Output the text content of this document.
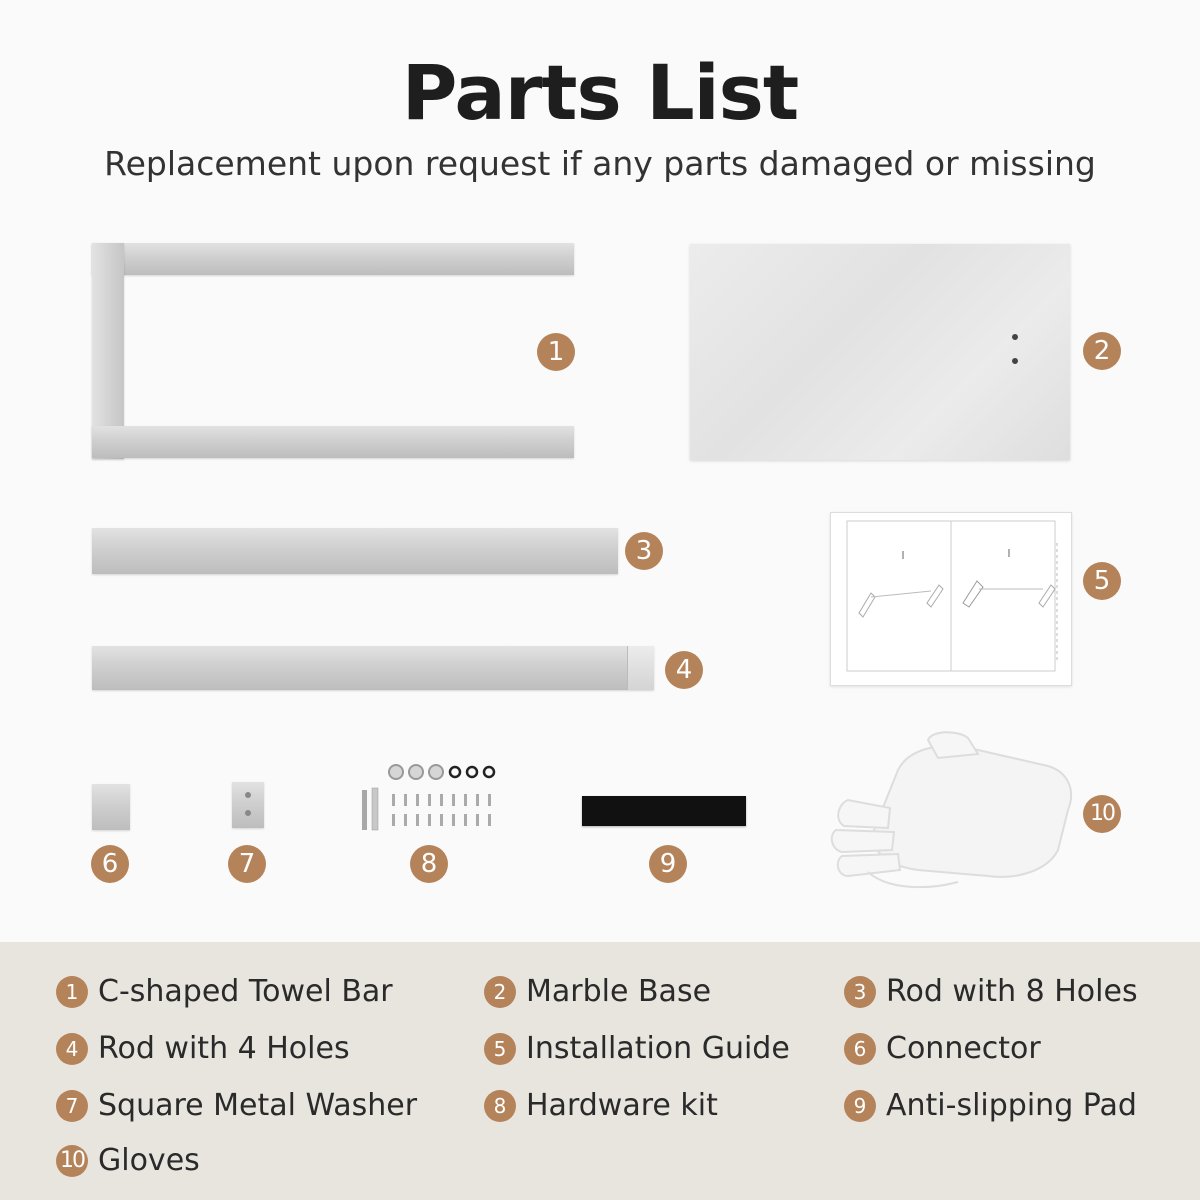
Parts List
Replacement upon request if any parts damaged or missing
1	2
3
4
5
6	7	8	9
10
1 C-shaped Towel Bar	2 Marble Base	3 Rod with 8 Holes
4 Rod with 4 Holes	5 Installation Guide	6 Connector
7 Square Metal Washer	8 Hardware kit	9 Anti-slipping Pad
10 Gloves
